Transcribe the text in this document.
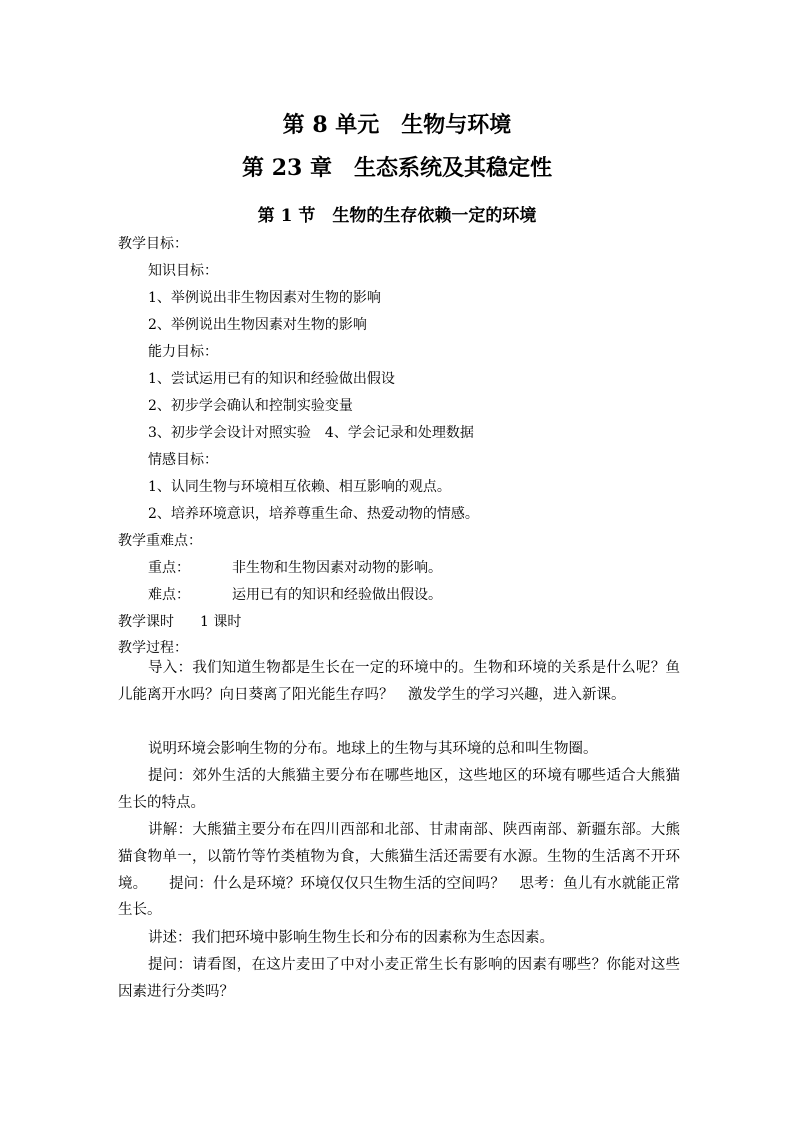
第 8 单元　生物与环境
第 23 章　生态系统及其稳定性
第 1 节　生物的生存依赖一定的环境
教学目标：
知识目标：
1、举例说出非生物因素对生物的影响
2、举例说出生物因素对生物的影响
能力目标：
1、尝试运用已有的知识和经验做出假设
2、初步学会确认和控制实验变量
3、初步学会设计对照实验　4、学会记录和处理数据
情感目标：
1、认同生物与环境相互依赖、相互影响的观点。
2、培养环境意识，培养尊重生命、热爱动物的情感。
教学重难点：
重点：	非生物和生物因素对动物的影响。
难点：	运用已有的知识和经验做出假设。
教学课时 1 课时
教学过程：
导入：我们知道生物都是生长在一定的环境中的。生物和环境的关系是什么呢？鱼儿能离开水吗？向日葵离了阳光能生存吗？　激发学生的学习兴趣，进入新课。
说明环境会影响生物的分布。地球上的生物与其环境的总和叫生物圈。
提问：郊外生活的大熊猫主要分布在哪些地区，这些地区的环境有哪些适合大熊猫生长的特点。
讲解：大熊猫主要分布在四川西部和北部、甘肃南部、陕西南部、新疆东部。大熊猫食物单一，以箭竹等竹类植物为食，大熊猫生活还需要有水源。生物的生活离不开环境。　　提问：什么是环境？环境仅仅只生物生活的空间吗？　思考：鱼儿有水就能正常生长。
讲述：我们把环境中影响生物生长和分布的因素称为生态因素。
提问：请看图，在这片麦田了中对小麦正常生长有影响的因素有哪些？你能对这些因素进行分类吗？
